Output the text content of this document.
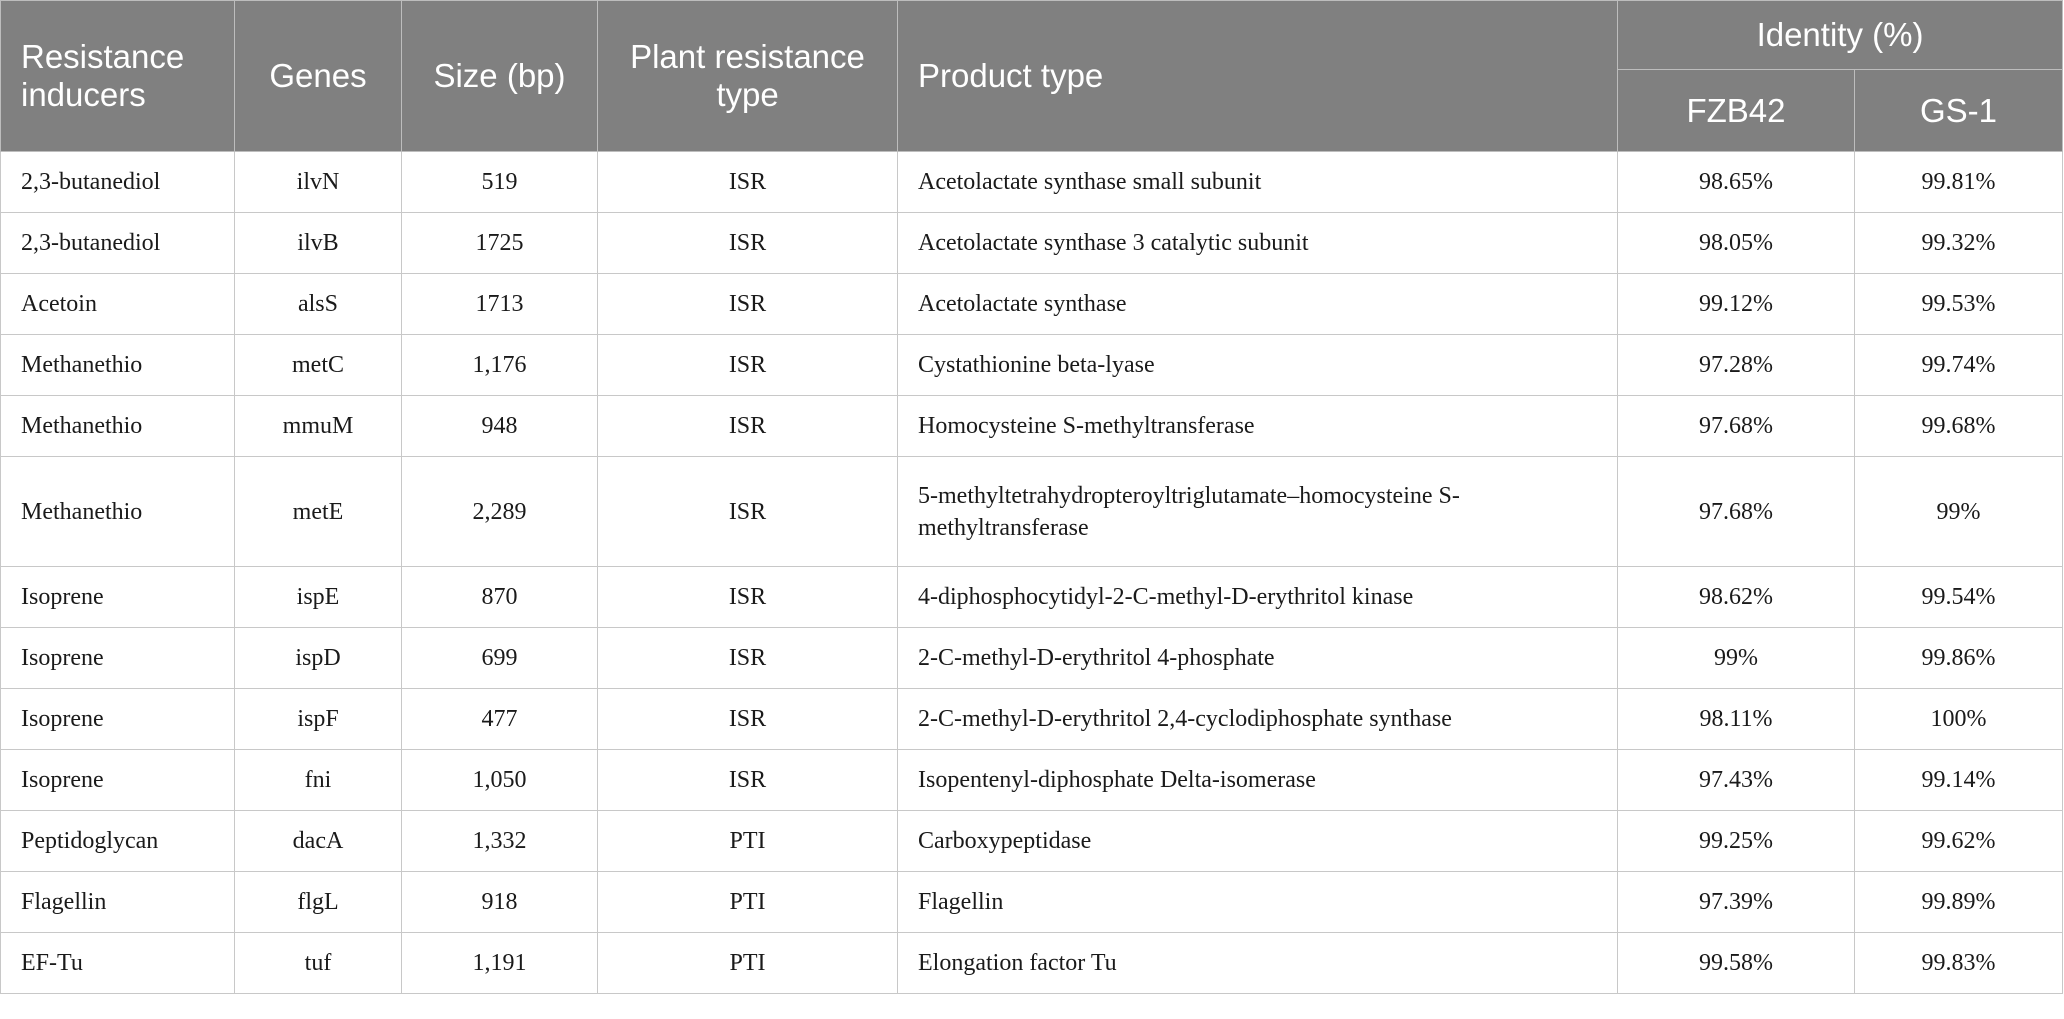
Resistance inducers	Genes	Size (bp)	Plant resistance type	Product type	Identity (%)	
					FZB42	GS-1
2,3-butanediol	ilvN	519	ISR	Acetolactate synthase small subunit	98.65%	99.81%
2,3-butanediol	ilvB	1725	ISR	Acetolactate synthase 3 catalytic subunit	98.05%	99.32%
Acetoin	alsS	1713	ISR	Acetolactate synthase	99.12%	99.53%
Methanethio	metC	1,176	ISR	Cystathionine beta-lyase	97.28%	99.74%
Methanethio	mmuM	948	ISR	Homocysteine S-methyltransferase	97.68%	99.68%
Methanethio	metE	2,289	ISR	5-methyltetrahydropteroyltriglutamate–homocysteine S-methyltransferase	97.68%	99%
Isoprene	ispE	870	ISR	4-diphosphocytidyl-2-C-methyl-D-erythritol kinase	98.62%	99.54%
Isoprene	ispD	699	ISR	2-C-methyl-D-erythritol 4-phosphate	99%	99.86%
Isoprene	ispF	477	ISR	2-C-methyl-D-erythritol 2,4-cyclodiphosphate synthase	98.11%	100%
Isoprene	fni	1,050	ISR	Isopentenyl-diphosphate Delta-isomerase	97.43%	99.14%
Peptidoglycan	dacA	1,332	PTI	Carboxypeptidase	99.25%	99.62%
Flagellin	flgL	918	PTI	Flagellin	97.39%	99.89%
EF-Tu	tuf	1,191	PTI	Elongation factor Tu	99.58%	99.83%
